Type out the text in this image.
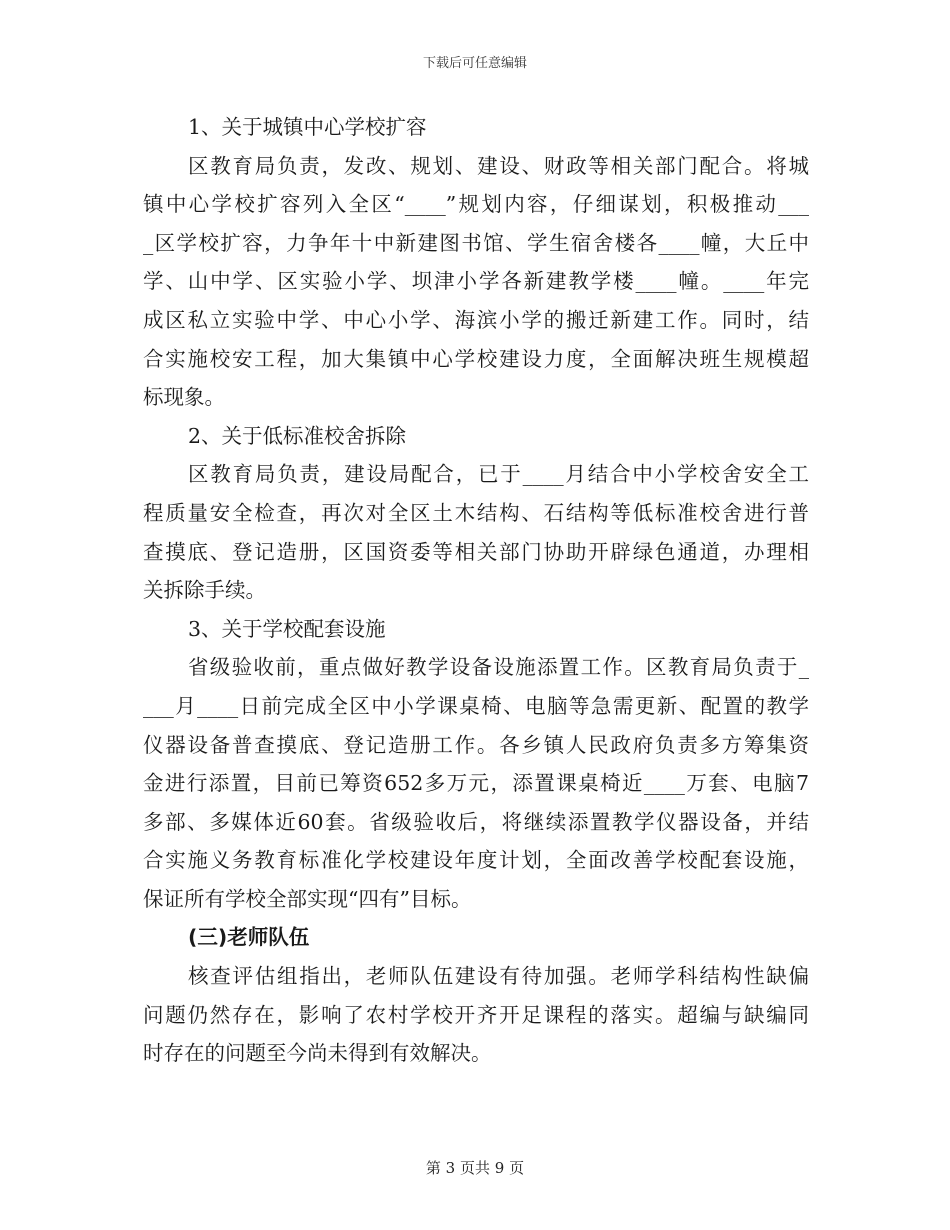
下载后可任意编辑
1、关于城镇中心学校扩容
区教育局负责，发改、规划、建设、财政等相关部门配合。将城
镇中心学校扩容列入全区“____”规划内容，仔细谋划，积极推动___
_区学校扩容，力争年十中新建图书馆、学生宿舍楼各____幢，大丘中
学、山中学、区实验小学、坝津小学各新建教学楼____幢。____年完
成区私立实验中学、中心小学、海滨小学的搬迁新建工作。同时，结
合实施校安工程，加大集镇中心学校建设力度，全面解决班生规模超
标现象。
2、关于低标准校舍拆除
区教育局负责，建设局配合，已于____月结合中小学校舍安全工
程质量安全检查，再次对全区土木结构、石结构等低标准校舍进行普
查摸底、登记造册，区国资委等相关部门协助开辟绿色通道，办理相
关拆除手续。
3、关于学校配套设施
省级验收前，重点做好教学设备设施添置工作。区教育局负责于_
___月____日前完成全区中小学课桌椅、电脑等急需更新、配置的教学
仪器设备普查摸底、登记造册工作。各乡镇人民政府负责多方筹集资
金进行添置，目前已筹资652多万元，添置课桌椅近____万套、电脑7
多部、多媒体近60套。省级验收后，将继续添置教学仪器设备，并结
合实施义务教育标准化学校建设年度计划，全面改善学校配套设施，
保证所有学校全部实现“四有”目标。
(三)老师队伍
核查评估组指出，老师队伍建设有待加强。老师学科结构性缺偏
问题仍然存在，影响了农村学校开齐开足课程的落实。超编与缺编同
时存在的问题至今尚未得到有效解决。
第 3 页共 9 页
